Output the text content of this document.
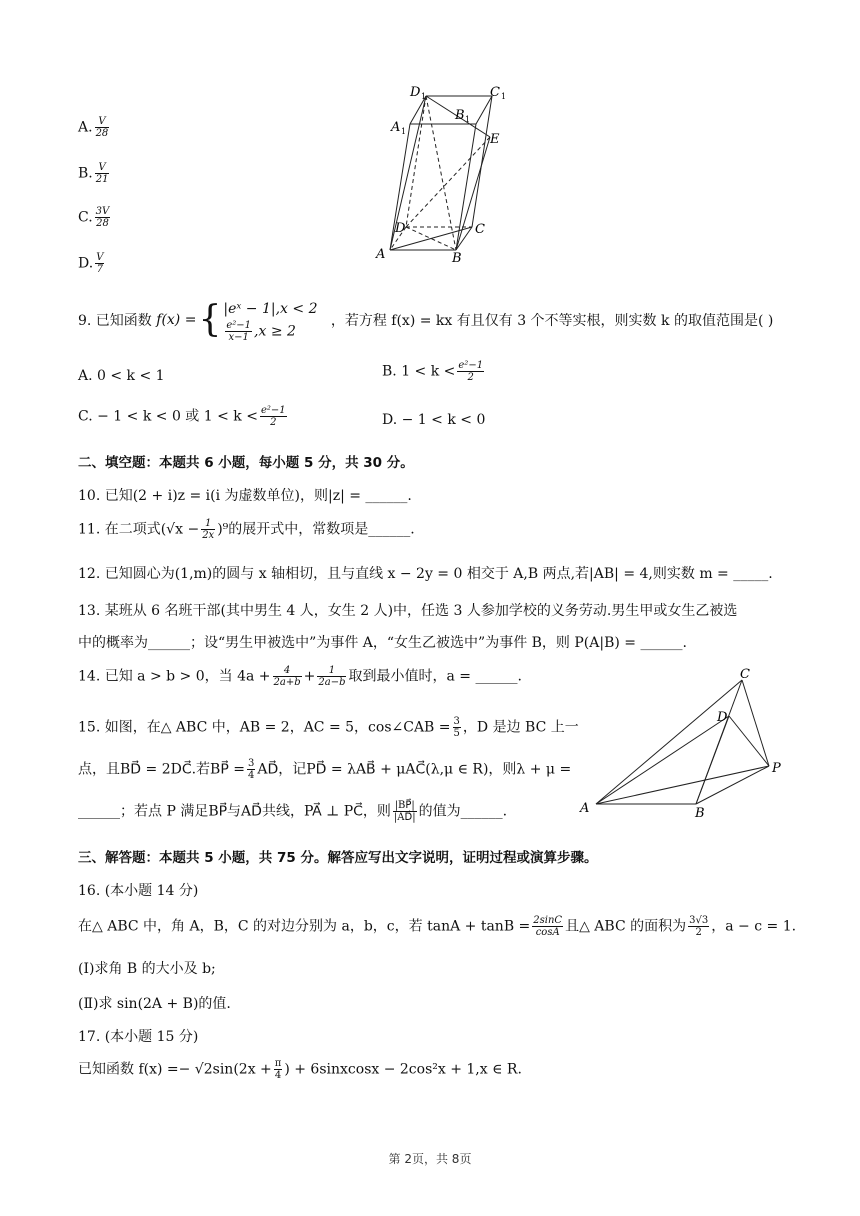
A. $\frac{V}{28}$
B. $\frac{V}{21}$
C. $\frac{3V}{28}$
D. $\frac{V}{7}$
D 1
B 1
C 1
A 1
E
D	C
A	B
9. 已知函数
f(x) = { |eˣ − 1|,x < 2
$\frac{\text{e²−1}}{x-1} ,x \ge 2$

，若方程 f(x) = kx 有且仅有 3 个不等实根，则实数 k 的取值范围是( )
A. 0 < k < 1	B. $1 < k < \frac{\text{e²−1}}{2}$
C. − 1 < k < 0 或 $1 < k < \frac{\text{e²−1}}{2}$	D. − 1 < k < 0
二、填空题：本题共 6 小题，每小题 5 分，共 30 分。
10. 已知(2 + i)z = i(i 为虚数单位)，则|z| = ______.
11. 在二项式$(√x - \frac{1}{2x} )^9$的展开式中，常数项是______.
12. 已知圆心为(1,m)的圆与 x 轴相切，且与直线 x − 2y = 0 相交于 A,B 两点,若|AB| = 4,则实数 m = _____.
13. 某班从 6 名班干部(其中男生 4 人，女生 2 人)中，任选 3 人参加学校的义务劳动.男生甲或女生乙被选
中的概率为______；设“男生甲被选中”为事件 A，“女生乙被选中”为事件 B，则 P(A|B) = ______.
14. 已知 a > b > 0，当 $4a + \frac{4}{2a+b} + \frac{1}{2a-b}$ 取到最小值时，a = ______.
15. 如图，在△ ABC 中，AB = 2，AC = 5，cos∠CAB = $\frac{3}{5}$ ，D 是边 BC 上一
点，且BD⃗ = 2DC⃗.若BP⃗ = $\frac{3}{4}$ AD⃗，记PD⃗ = λAB⃗ + μAC⃗(λ,μ ∈ R)，则λ + μ =
______；若点 P 满足BP⃗与AD⃗共线，PA⃗ ⊥ PC⃗，则 $\frac{|BP⃗|}{|AD⃗|}$ 的值为______.
C
D
P
A	B
三、解答题：本题共 5 小题，共 75 分。解答应写出文字说明，证明过程或演算步骤。
16. (本小题 14 分)
在△ ABC 中，角 A，B，C 的对边分别为 a，b，c，若 $\tan A + \tan B = \frac{2\sin C}{\cos A}$ 且△ ABC 的面积为 $\frac{3√3}{2}$ ，a − c = 1.
(Ⅰ)求角 B 的大小及 b;
(Ⅱ)求 sin(2A + B)的值.
17. (本小题 15 分)
已知函数 $f(x) =- √2\sin(2x + \frac{\pi}{4}$ ) + 6sinxcosx − 2cos²x + 1,x ∈ R.
第 2页，共 8页
